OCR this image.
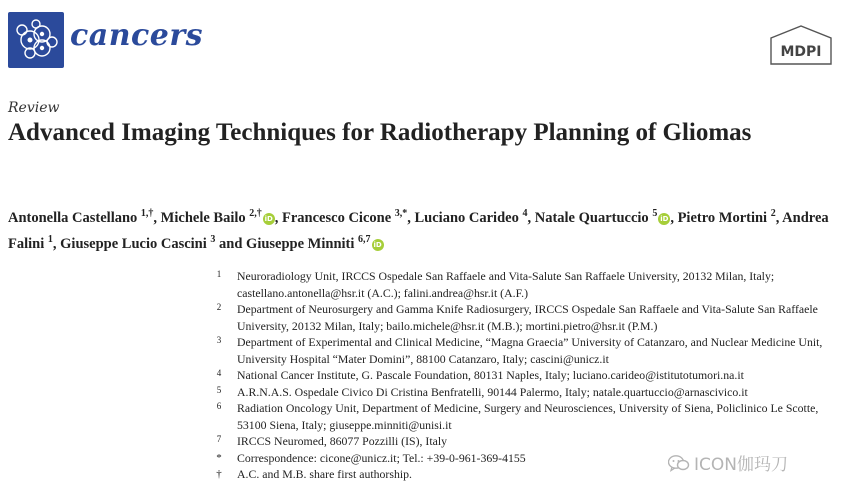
cancers	MDPI
Review
Advanced Imaging Techniques for Radiotherapy Planning of Gliomas

Antonella Castellano $^{1,\dagger}$, Michele Bailo $^{2,\dagger}$ iD , Francesco Cicone $^{3,*}$, Luciano Carideo $^4$, Natale Quartuccio $^5$ iD , Pietro Mortini $^2$, Andrea Falini $^1$, Giuseppe Lucio Cascini $^3$ and Giuseppe Minniti $^{6,7}$ iD

1	Neuroradiology Unit, IRCCS Ospedale San Raffaele and Vita-Salute San Raffaele University, 20132 Milan, Italy; castellano.antonella@hsr.it (A.C.); falini.andrea@hsr.it (A.F.)
2	Department of Neurosurgery and Gamma Knife Radiosurgery, IRCCS Ospedale San Raffaele and Vita-Salute San Raffaele University, 20132 Milan, Italy; bailo.michele@hsr.it (M.B.); mortini.pietro@hsr.it (P.M.)
3	Department of Experimental and Clinical Medicine, “Magna Graecia” University of Catanzaro, and Nuclear Medicine Unit, University Hospital “Mater Domini”, 88100 Catanzaro, Italy; cascini@unicz.it
4	National Cancer Institute, G. Pascale Foundation, 80131 Naples, Italy; luciano.carideo@istitutotumori.na.it
5	A.R.N.A.S. Ospedale Civico Di Cristina Benfratelli, 90144 Palermo, Italy; natale.quartuccio@arnascivico.it
6	Radiation Oncology Unit, Department of Medicine, Surgery and Neurosciences, University of Siena, Policlinico Le Scotte, 53100 Siena, Italy; giuseppe.minniti@unisi.it
7	IRCCS Neuromed, 86077 Pozzilli (IS), Italy
*	Correspondence: cicone@unicz.it; Tel.: +39-0-961-369-4155
†	A.C. and M.B. share first authorship.	ICON伽玛刀
